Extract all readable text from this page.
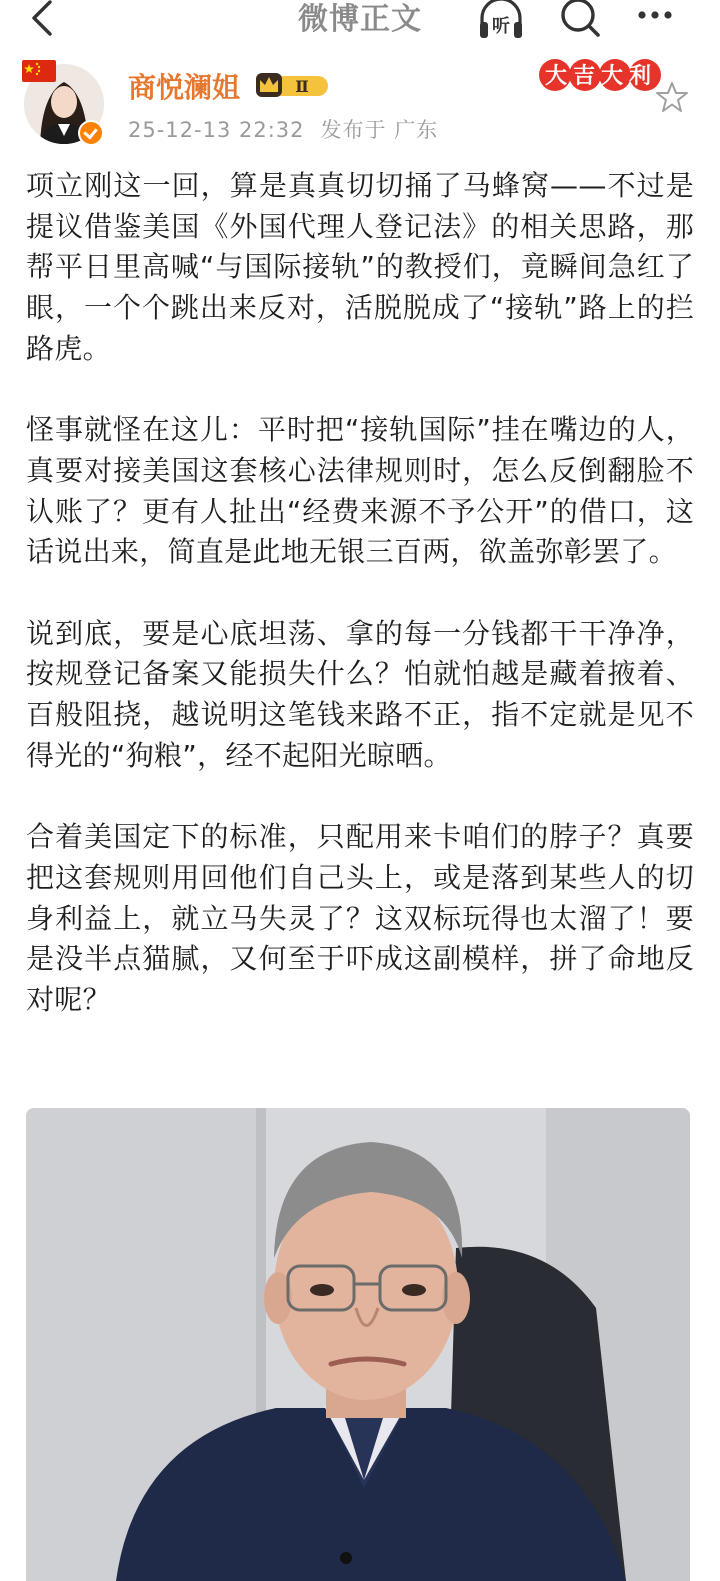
微博正文	听
商悦澜姐	Ⅱ
25-12-13 22:32 发布于 广东
大吉大利

项立刚这一回，算是真真切切捅了马蜂窝——不过是提议借鉴美国《外国代理人登记法》的相关思路，那帮平日里高喊“与国际接轨”的教授们，竟瞬间急红了眼，一个个跳出来反对，活脱脱成了“接轨”路上的拦路虎。

怪事就怪在这儿：平时把“接轨国际”挂在嘴边的人，真要对接美国这套核心法律规则时，怎么反倒翻脸不认账了？更有人扯出“经费来源不予公开”的借口，这话说出来，简直是此地无银三百两，欲盖弥彰罢了。

说到底，要是心底坦荡、拿的每一分钱都干干净净，按规登记备案又能损失什么？怕就怕越是藏着掖着、百般阻挠，越说明这笔钱来路不正，指不定就是见不得光的“狗粮”，经不起阳光晾晒。

合着美国定下的标准，只配用来卡咱们的脖子？真要把这套规则用回他们自己头上，或是落到某些人的切身利益上，就立马失灵了？这双标玩得也太溜了！要是没半点猫腻，又何至于吓成这副模样，拼了命地反对呢？
